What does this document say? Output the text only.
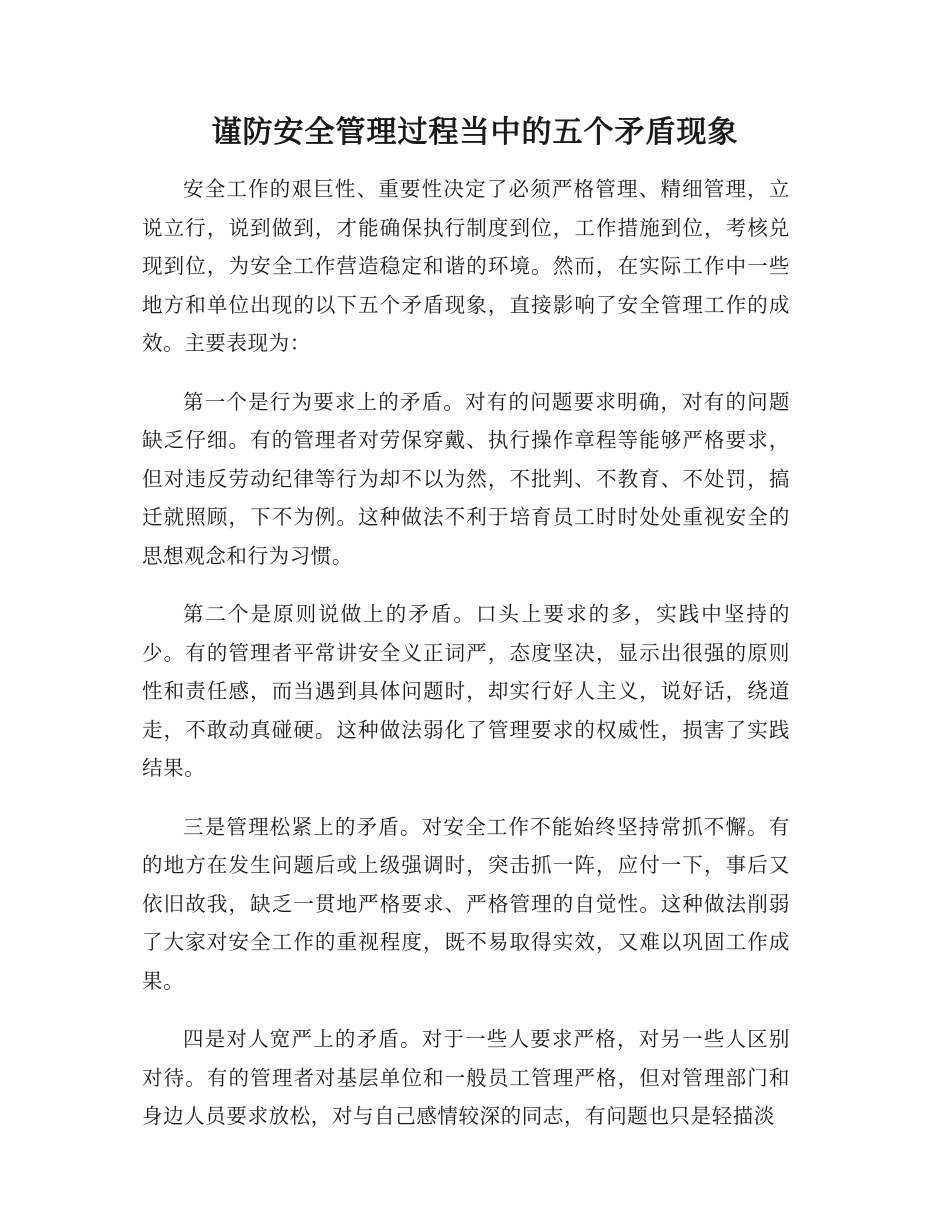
谨防安全管理过程当中的五个矛盾现象

安全工作的艰巨性、重要性决定了必须严格管理、精细管理，立说立行，说到做到，才能确保执行制度到位，工作措施到位，考核兑现到位，为安全工作营造稳定和谐的环境。然而，在实际工作中一些地方和单位出现的以下五个矛盾现象，直接影响了安全管理工作的成效。主要表现为：

第一个是行为要求上的矛盾。对有的问题要求明确，对有的问题缺乏仔细。有的管理者对劳保穿戴、执行操作章程等能够严格要求，但对违反劳动纪律等行为却不以为然，不批判、不教育、不处罚，搞迁就照顾，下不为例。这种做法不利于培育员工时时处处重视安全的思想观念和行为习惯。

第二个是原则说做上的矛盾。口头上要求的多，实践中坚持的少。有的管理者平常讲安全义正词严，态度坚决，显示出很强的原则性和责任感，而当遇到具体问题时，却实行好人主义，说好话，绕道走，不敢动真碰硬。这种做法弱化了管理要求的权威性，损害了实践结果。

三是管理松紧上的矛盾。对安全工作不能始终坚持常抓不懈。有的地方在发生问题后或上级强调时，突击抓一阵，应付一下，事后又依旧故我，缺乏一贯地严格要求、严格管理的自觉性。这种做法削弱了大家对安全工作的重视程度，既不易取得实效，又难以巩固工作成果。

四是对人宽严上的矛盾。对于一些人要求严格，对另一些人区别对待。有的管理者对基层单位和一般员工管理严格，但对管理部门和身边人员要求放松，对与自己感情较深的同志，有问题也只是轻描淡
